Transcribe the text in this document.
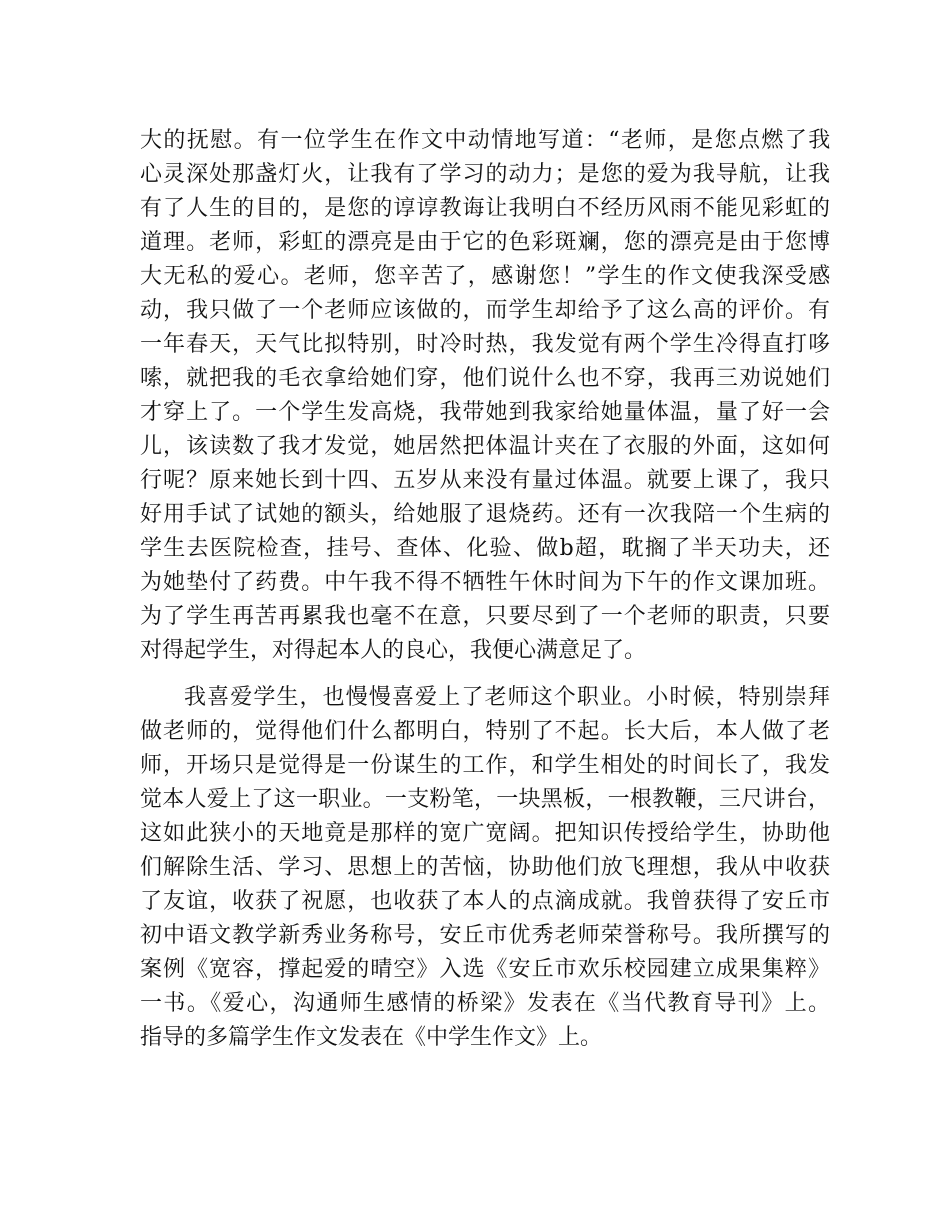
大的抚慰。有一位学生在作文中动情地写道：“老师，是您点燃了我
心灵深处那盏灯火，让我有了学习的动力；是您的爱为我导航，让我
有了人生的目的，是您的谆谆教诲让我明白不经历风雨不能见彩虹的
道理。老师，彩虹的漂亮是由于它的色彩斑斓，您的漂亮是由于您博
大无私的爱心。老师，您辛苦了，感谢您！”学生的作文使我深受感
动，我只做了一个老师应该做的，而学生却给予了这么高的评价。有
一年春天，天气比拟特别，时冷时热，我发觉有两个学生冷得直打哆
嗦，就把我的毛衣拿给她们穿，他们说什么也不穿，我再三劝说她们
才穿上了。一个学生发高烧，我带她到我家给她量体温，量了好一会
儿，该读数了我才发觉，她居然把体温计夹在了衣服的外面，这如何
行呢？原来她长到十四、五岁从来没有量过体温。就要上课了，我只
好用手试了试她的额头，给她服了退烧药。还有一次我陪一个生病的
学生去医院检查，挂号、查体、化验、做b超，耽搁了半天功夫，还
为她垫付了药费。中午我不得不牺牲午休时间为下午的作文课加班。
为了学生再苦再累我也毫不在意，只要尽到了一个老师的职责，只要
对得起学生，对得起本人的良心，我便心满意足了。
我喜爱学生，也慢慢喜爱上了老师这个职业。小时候，特别崇拜
做老师的，觉得他们什么都明白，特别了不起。长大后，本人做了老
师，开场只是觉得是一份谋生的工作，和学生相处的时间长了，我发
觉本人爱上了这一职业。一支粉笔，一块黑板，一根教鞭，三尺讲台，
这如此狭小的天地竟是那样的宽广宽阔。把知识传授给学生，协助他
们解除生活、学习、思想上的苦恼，协助他们放飞理想，我从中收获
了友谊，收获了祝愿，也收获了本人的点滴成就。我曾获得了安丘市
初中语文教学新秀业务称号，安丘市优秀老师荣誉称号。我所撰写的
案例《宽容，撑起爱的晴空》入选《安丘市欢乐校园建立成果集粹》
一书。《爱心，沟通师生感情的桥梁》发表在《当代教育导刊》上。
指导的多篇学生作文发表在《中学生作文》上。
